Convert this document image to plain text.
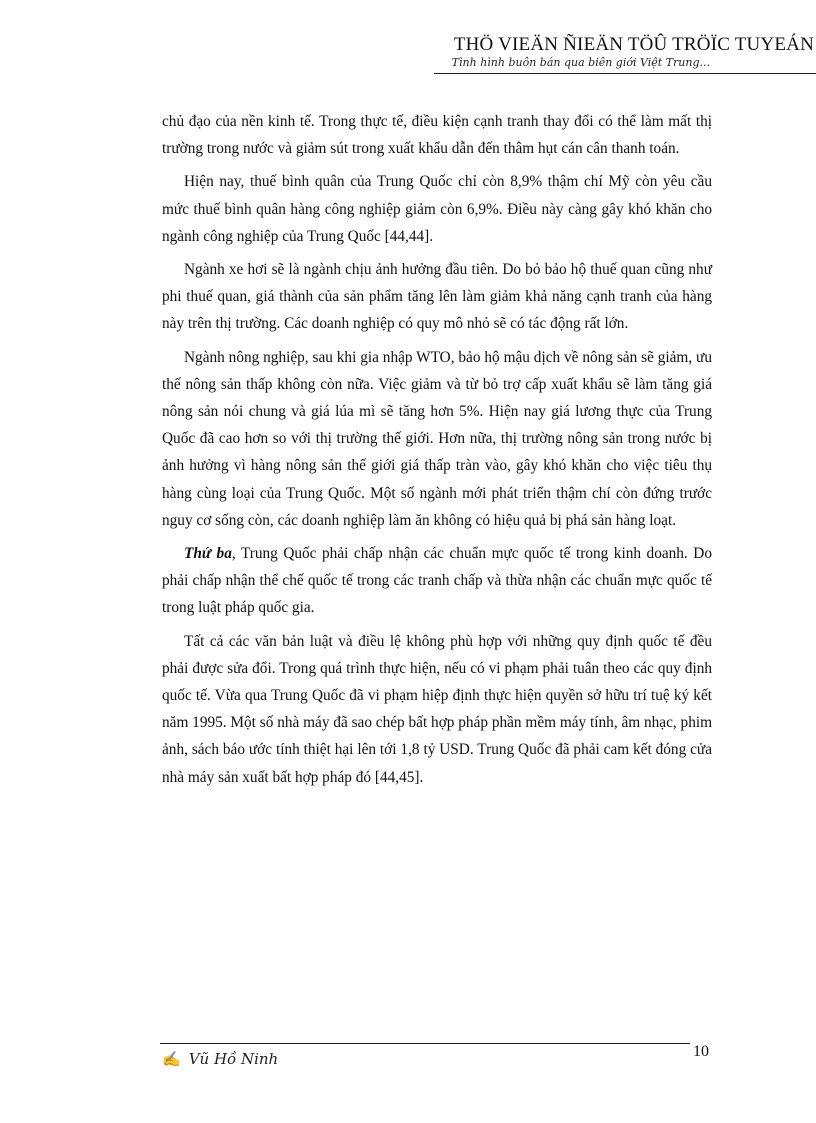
THÖ VIEÄN ÑIEÄN TÖÛ TRÖÏC TUYEÁN
Tình hình buôn bán qua biên giới Việt Trung...

chủ đạo của nền kinh tế. Trong thực tế, điều kiện cạnh tranh thay đổi có thể làm mất thị trường trong nước và giảm sút trong xuất khẩu dẫn đến thâm hụt cán cân thanh toán.

Hiện nay, thuế bình quân của Trung Quốc chỉ còn 8,9% thậm chí Mỹ còn yêu cầu mức thuế bình quân hàng công nghiệp giảm còn 6,9%. Điều này càng gây khó khăn cho ngành công nghiệp của Trung Quốc [44,44].

Ngành xe hơi sẽ là ngành chịu ảnh hưởng đầu tiên. Do bỏ bảo hộ thuế quan cũng như phi thuế quan, giá thành của sản phẩm tăng lên làm giảm khả năng cạnh tranh của hàng này trên thị trường. Các doanh nghiệp có quy mô nhỏ sẽ có tác động rất lớn.

Ngành nông nghiệp, sau khi gia nhập WTO, bảo hộ mậu dịch về nông sản sẽ giảm, ưu thế nông sản thấp không còn nữa. Việc giảm và từ bỏ trợ cấp xuất khẩu sẽ làm tăng giá nông sản nói chung và giá lúa mì sẽ tăng hơn 5%. Hiện nay giá lương thực của Trung Quốc đã cao hơn so với thị trường thế giới. Hơn nữa, thị trường nông sản trong nước bị ảnh hưởng vì hàng nông sản thế giới giá thấp tràn vào, gây khó khăn cho việc tiêu thụ hàng cùng loại của Trung Quốc. Một số ngành mới phát triển thậm chí còn đứng trước nguy cơ sống còn, các doanh nghiệp làm ăn không có hiệu quả bị phá sản hàng loạt.

Thứ ba, Trung Quốc phải chấp nhận các chuẩn mực quốc tế trong kinh doanh. Do phải chấp nhận thể chế quốc tế trong các tranh chấp và thừa nhận các chuẩn mực quốc tế trong luật pháp quốc gia.

Tất cả các văn bản luật và điều lệ không phù hợp với những quy định quốc tế đều phải được sửa đổi. Trong quá trình thực hiện, nếu có vi phạm phải tuân theo các quy định quốc tế. Vừa qua Trung Quốc đã vi phạm hiệp định thực hiện quyền sở hữu trí tuệ ký kết năm 1995. Một số nhà máy đã sao chép bất hợp pháp phần mềm máy tính, âm nhạc, phim ảnh, sách báo ước tính thiệt hại lên tới 1,8 tỷ USD. Trung Quốc đã phải cam kết đóng cửa nhà máy sản xuất bất hợp pháp đó [44,45].

✍ Vũ Hồ Ninh	10
